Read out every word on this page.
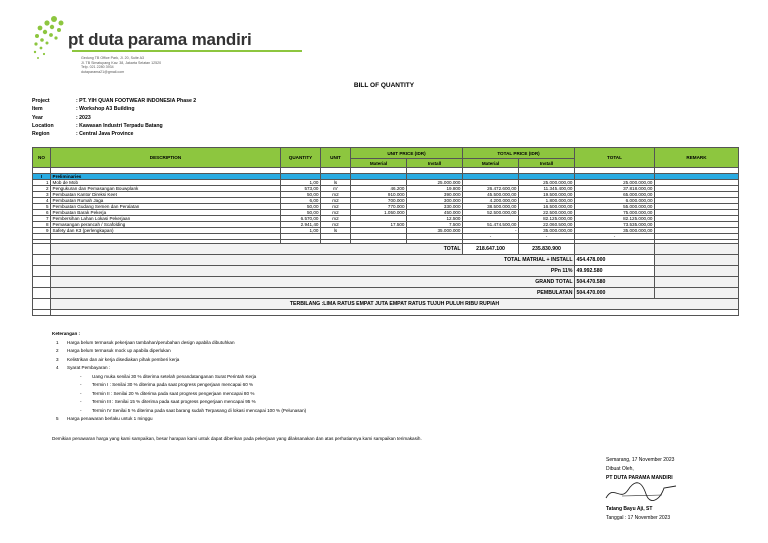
pt duta parama mandiri
Gedung TB Office Park, Jl. 20, Suite A3
Jl. TB Simatupang Kav. 38, Jakarta Selatan 12520
Telp. 021 2280 3934
dutaparama21@gmail.com
BILL OF QUANTITY
Project	: PT. YIH QUAN FOOTWEAR INDONESIA Phase 2
Item	: Workshop A3 Building
Year	: 2023
Location	: Kawasan Industri Terpadu Batang
Region	: Central Java Province
NO	DESCRIPTION	QUANTITY	UNIT	UNIT PRICE (IDR)		TOTAL PRICE (IDR)		TOTAL	REMARK
				Material	Install	Material	Install		

I	Preliminaries								
1	Mob de Mob	1,00	ls		25.000.000		25.000.000,00	25.000.000,00	
2	Pengukuran dan Pemasangan Bouwplank	573,00	m'	46.200	19.800	26.472.600,00	11.345.400,00	37.818.000,00	
3	Pembuatan Kantor Direksi Keet	50,00	m2	910.000	390.000	45.500.000,00	19.500.000,00	65.000.000,00	
4	Pembuatan Rumah Jaga	6,00	m2	700.000	300.000	4.200.000,00	1.800.000,00	6.000.000,00	
5	Pembuatan Gudang Semen dan Peralatan	50,00	m2	770.000	330.000	38.500.000,00	16.500.000,00	55.000.000,00	
6	Pembuatan Barak Pekerja	50,00	m2	1.050.000	450.000	52.500.000,00	22.500.000,00	75.000.000,00	
7	Pembersihan Lahan Lokasi Pekerjaan	6.570,00	m2		12.500		82.125.000,00	82.125.000,00	
8	Pemasangan perancah / Scafolding	2.941,40	m2	17.500	7.500	51.474.500,00	22.060.500,00	73.535.000,00	
9	Safety dan K3 (perlengkapan)	1,00	ls		35.000.000	-	35.000.000,00	35.000.000,00	
						-	-	-	

	TOTAL					218.647.100	235.830.900		
	TOTAL MATRIAL + INSTALL							454.478.000	
	PPn 11%							49.992.580	
	GRAND TOTAL							504.470.580	
	PEMBULATAN							504.470.000	
	TERBILANG :LIMA RATUS EMPAT JUTA EMPAT RATUS TUJUH PULUH RIBU RUPIAH								

Keterangan :
1	Harga belum termasuk pekerjaan tambahan/perubahan design apabila dibutuhkan
2	Harga belum termasuk mock up apabila diperlukan
3	Kelistrikan dan air kerja disediakan pihak pemberi kerja
4	Syarat Pembayaran :
-	Uang muka senilai 30 % diterima setelah penandatanganan Surat Perintah Kerja
-	Termin I : Senilai 30 % diterima pada saat progress pengerjaan mencapai 60 %
-	Termin II : Senilai 20 % diterima pada saat progress pengerjaan mencapai 80 %
-	Termin III : Senilai 15 % diterima pada saat progress pengerjaan mencapai 95 %
-	Termin IV Senilai 5 % diterima pada saat barang sudah Terpasang di lokasi mencapai 100 % (Pelunasan)
5	Harga penawaran berlaku untuk 1 minggu
Demikian penawaran harga yang kami sampaikan, besar harapan kami untuk dapat diberikan pada pekerjaan yang dilaksanakan dan atas perhatiannya kami sampaikan terimakasih.
Semarang, 17 November 2023
Dibuat Oleh,
PT DUTA PARAMA MANDIRI
Tatang Bayu Aji, ST
Tanggal : 17 November 2023
